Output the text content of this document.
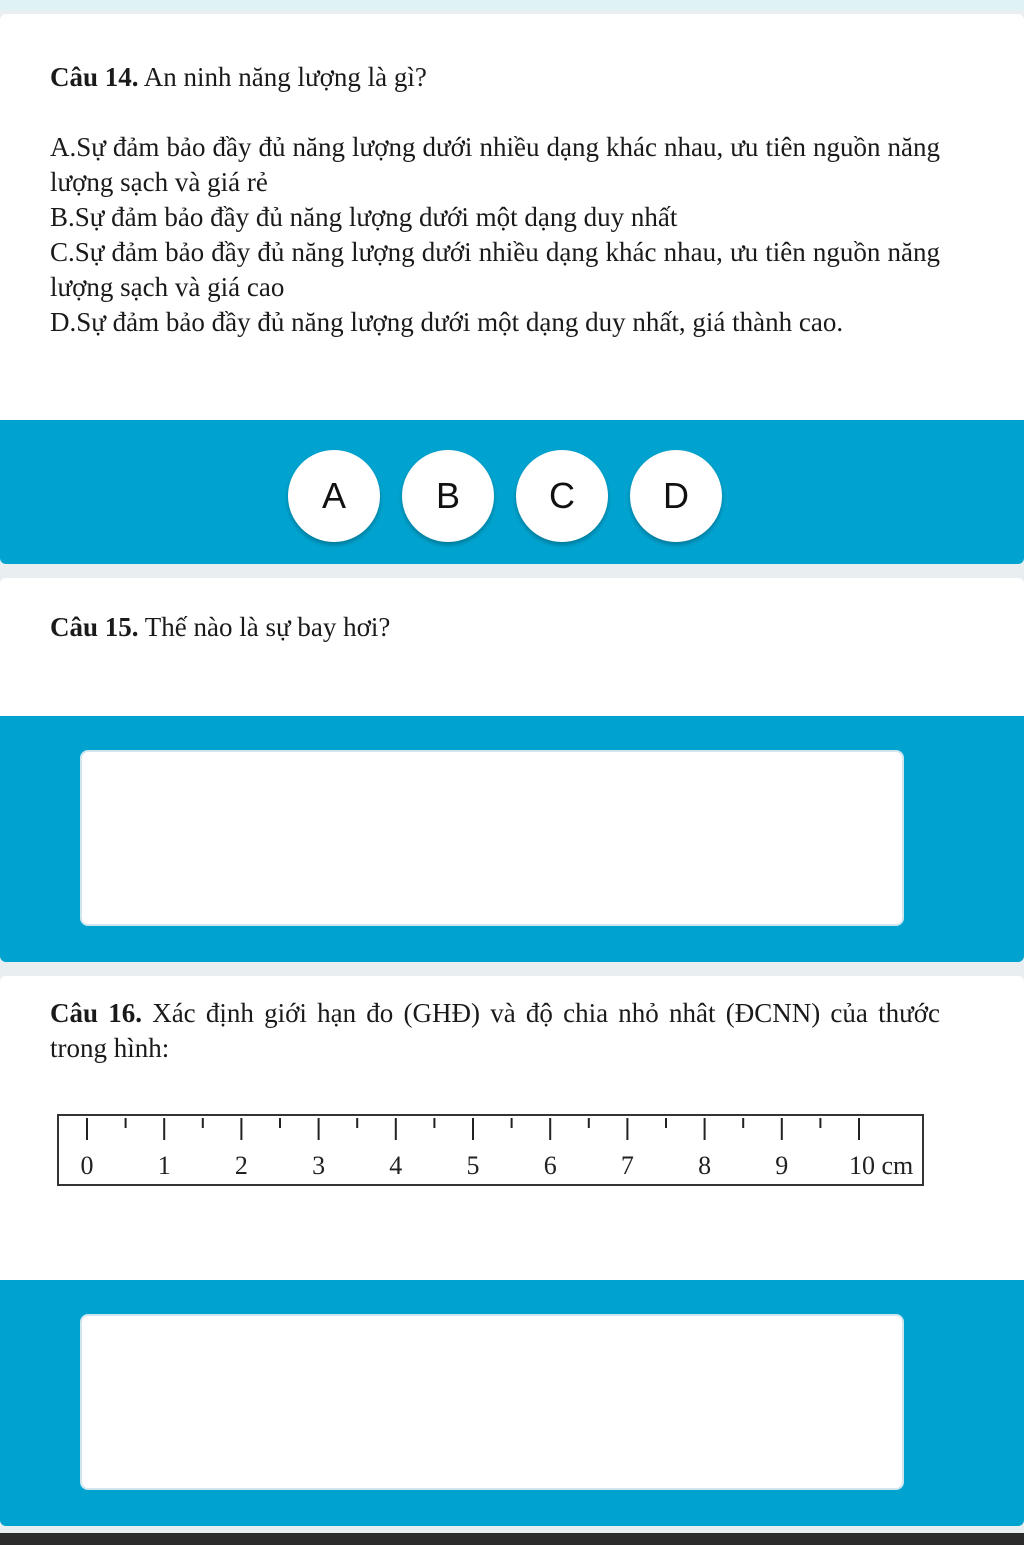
Câu 14. An ninh năng lượng là gì?

A.Sự đảm bảo đầy đủ năng lượng dưới nhiều dạng khác nhau, ưu tiên nguồn năng lượng sạch và giá rẻ

B.Sự đảm bảo đầy đủ năng lượng dưới một dạng duy nhất

C.Sự đảm bảo đầy đủ năng lượng dưới nhiều dạng khác nhau, ưu tiên nguồn năng lượng sạch và giá cao

D.Sự đảm bảo đầy đủ năng lượng dưới một dạng duy nhất, giá thành cao.

A	B	C	D

Câu 15. Thế nào là sự bay hơi?

Câu 16. Xác định giới hạn đo (GHĐ) và độ chia nhỏ nhât (ĐCNN) của thước trong hình:

0 1 2 3 4 5 6 7 8 9 10 cm
